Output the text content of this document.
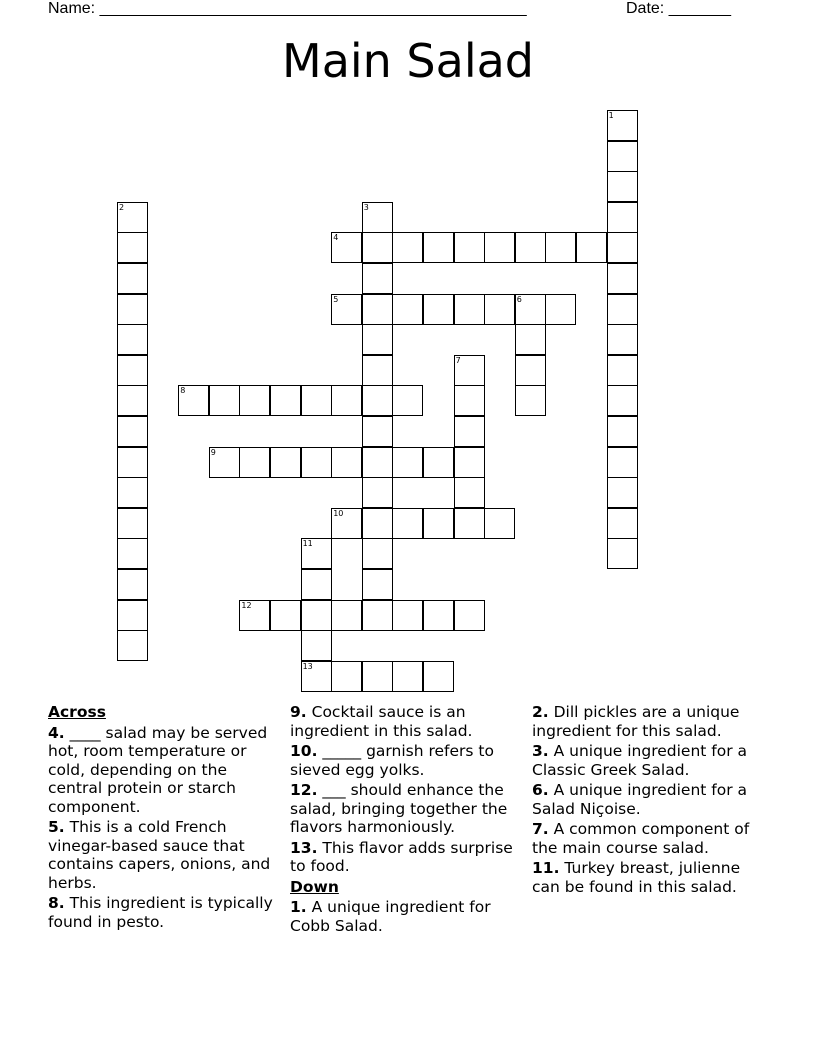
Name: ________________________________________________	Date: _______
Main Salad
1
2	3
4
5	6
7
8
9
10
11
13
12
Across
4. ____ salad may be served hot, room temperature or cold, depending on the central protein or starch component.
5. This is a cold French vinegar-based sauce that contains capers, onions, and herbs.
8. This ingredient is typically found in pesto.
9. Cocktail sauce is an ingredient in this salad.
10. _____ garnish refers to sieved egg yolks.
12. ___ should enhance the salad, bringing together the flavors harmoniously.
13. This flavor adds surprise to food.
Down
1. A unique ingredient for Cobb Salad.
2. Dill pickles are a unique ingredient for this salad.
3. A unique ingredient for a Classic Greek Salad.
6. A unique ingredient for a Salad Niçoise.
7. A common component of the main course salad.
11. Turkey breast, julienne can be found in this salad.
